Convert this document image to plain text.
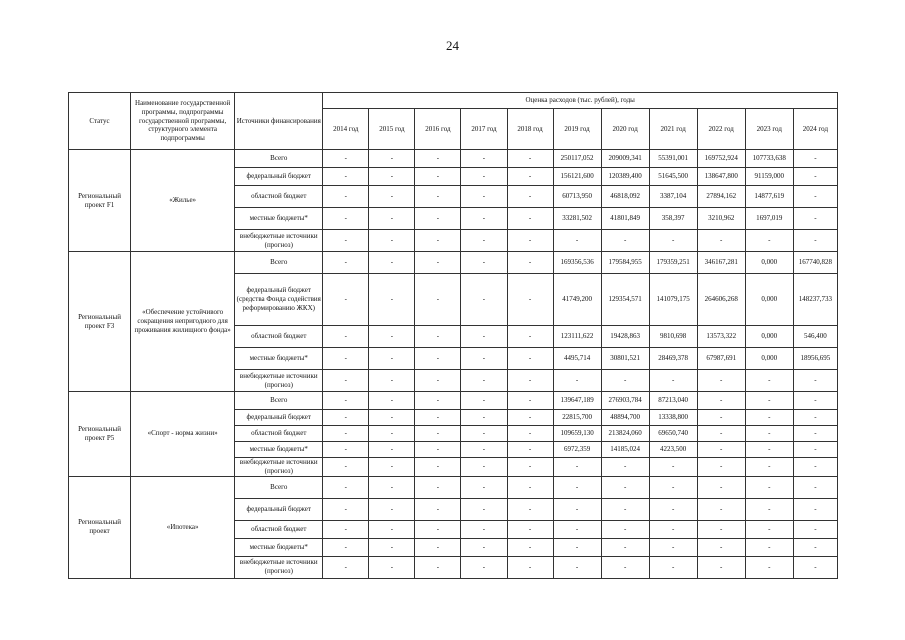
24
Статус	Наименование государственной программы, подпрограммы государственной программы, структурного элемента подпрограммы	Источники финансирования	Оценка расходов (тыс. рублей), годы										
			2014 год	2015 год	2016 год	2017 год	2018 год	2019 год	2020 год	2021 год	2022 год	2023 год	2024 год
Региональный проект F1	«Жилье»	Всего	-	-	-	-	-	250117,052	209009,341	55391,001	169752,924	107733,638	-
		федеральный бюджет	-	-	-	-	-	156121,600	120389,400	51645,500	138647,800	91159,000	-
		областной бюджет	-	-	-	-	-	60713,950	46818,092	3387,104	27894,162	14877,619	-
		местные бюджеты*	-	-	-	-	-	33281,502	41801,849	358,397	3210,962	1697,019	-
		внебюджетные источники (прогноз)	-	-	-	-	-	-	-	-	-	-	-
Региональный проект F3	«Обеспечение устойчивого сокращения непригодного для проживания жилищного фонда»	Всего	-	-	-	-	-	169356,536	179584,955	179359,251	346167,281	0,000	167740,828
		федеральный бюджет (средства Фонда содействия реформированию ЖКХ)	-	-	-	-	-	41749,200	129354,571	141079,175	264606,268	0,000	148237,733
		областной бюджет	-	-	-	-	-	123111,622	19428,863	9810,698	13573,322	0,000	546,400
		местные бюджеты*	-	-	-	-	-	4495,714	30801,521	28469,378	67987,691	0,000	18956,695
		внебюджетные источники (прогноз)	-	-	-	-	-	-	-	-	-	-	-
Региональный проект P5	«Спорт - норма жизни»	Всего	-	-	-	-	-	139647,189	276903,784	87213,040	-	-	-
		федеральный бюджет	-	-	-	-	-	22815,700	48894,700	13338,800	-	-	-
		областной бюджет	-	-	-	-	-	109659,130	213824,060	69650,740	-	-	-
		местные бюджеты*	-	-	-	-	-	6972,359	14185,024	4223,500	-	-	-
		внебюджетные источники (прогноз)	-	-	-	-	-	-	-	-	-	-	-
Региональный проект	«Ипотека»	Всего	-	-	-	-	-	-	-	-	-	-	-
		федеральный бюджет	-	-	-	-	-	-	-	-	-	-	-
		областной бюджет	-	-	-	-	-	-	-	-	-	-	-
		местные бюджеты*	-	-	-	-	-	-	-	-	-	-	-
		внебюджетные источники (прогноз)	-	-	-	-	-	-	-	-	-	-	-
